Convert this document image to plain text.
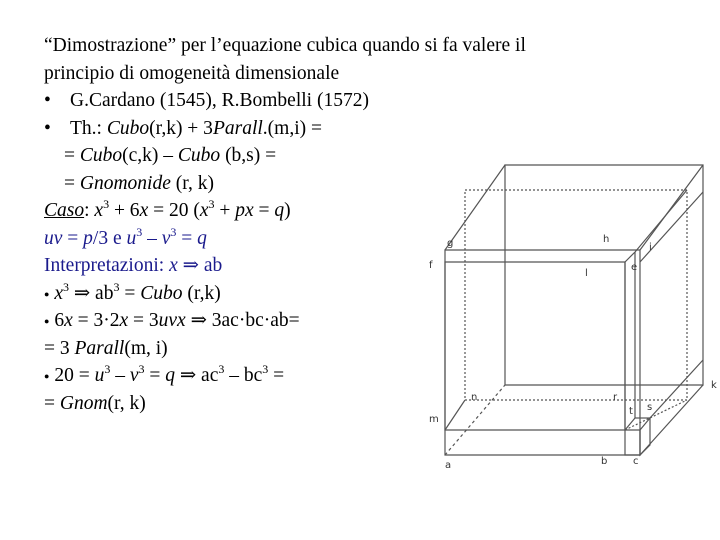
“Dimostrazione” per l’equazione cubica quando si fa valere il
principio di omogeneità dimensionale
• G.Cardano (1545), R.Bombelli (1572)
• Th.: Cubo(r,k) + 3Parall.(m,i) =
= Cubo(c,k) – Cubo (b,s) =
= Gnomonide (r, k)
Caso: $x^3 + 6x = 20$ ($x^3$ + px = q)
uv = p/3 e $u^3 - v^3 = q$
Interpretazioni: x ⇒ ab
● $x^3$ ⇒ $ab^3$ = Cubo (r,k)
● 6x = 3·2x = 3uvx ⇒ 3ac·bc·ab=
= 3 Parall(m, i)
● $20 = u^3 - v^3 = q$ ⇒ $ac^3 - bc^3$ =
= Gnom(r, k)
g	h
i
f
l
e
n
m
r
t s
a	b	c
k
